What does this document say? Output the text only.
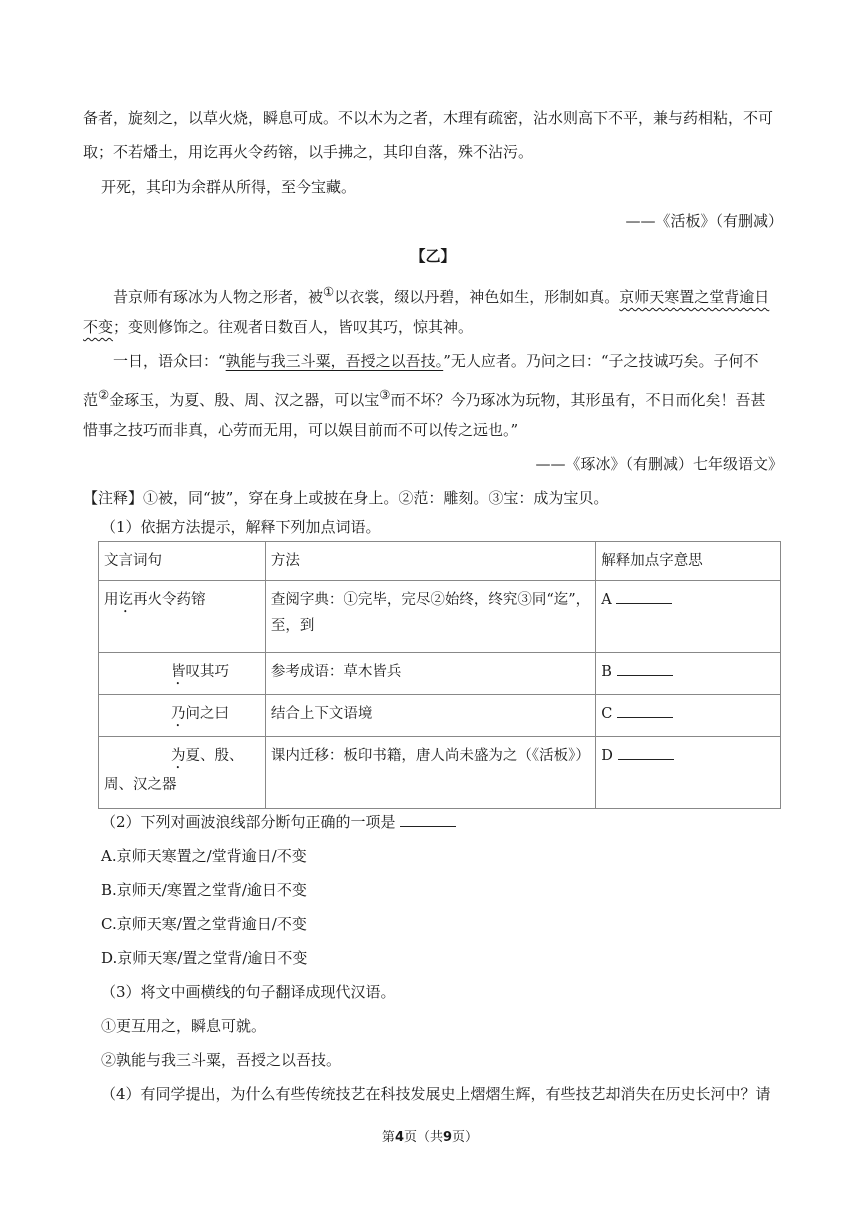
备者，旋刻之，以草火烧，瞬息可成。不以木为之者，木理有疏密，沾水则高下不平，兼与药相粘，不可
取；不若燔土，用讫再火令药镕，以手拂之，其印自落，殊不沾污。
开死，其印为余群从所得，至今宝藏。
——《活板》（有删减）
【乙】
昔京师有琢冰为人物之形者，被①以衣裳，缀以丹碧，神色如生，形制如真。京师天寒置之堂背逾日
不变；变则修饰之。往观者日数百人，皆叹其巧，惊其神。
一日，语众曰：“孰能与我三斗粟，吾授之以吾技。”无人应者。乃问之曰：“子之技诚巧矣。子何不
范②金琢玉，为夏、殷、周、汉之器，可以宝③而不坏？今乃琢冰为玩物，其形虽有，不日而化矣！吾甚
惜事之技巧而非真，心劳而无用，可以娱目前而不可以传之远也。”
——《琢冰》（有删减）七年级语文》
【注释】①被，同“披”，穿在身上或披在身上。②范：雕刻。③宝：成为宝贝。
（1）依据方法提示，解释下列加点词语。
文言词句	方法	解释加点字意思
用讫再火令药镕	查阅字典：①完毕，完尽②始终，终究③同“迄”，至，到	A
皆叹其巧	参考成语：草木皆兵	B
乃问之曰	结合上下文语境	C
为夏、殷、周、汉之器	课内迁移：板印书籍，唐人尚未盛为之（《活板》）	D
（2）下列对画波浪线部分断句正确的一项是
A.京师天寒置之/堂背逾日/不变
B.京师天/寒置之堂背/逾日不变
C.京师天寒/置之堂背逾日/不变
D.京师天寒/置之堂背/逾日不变
（3）将文中画横线的句子翻译成现代汉语。
①更互用之，瞬息可就。
②孰能与我三斗粟，吾授之以吾技。
（4）有同学提出，为什么有些传统技艺在科技发展史上熠熠生辉，有些技艺却消失在历史长河中？请
第4页（共9页）
